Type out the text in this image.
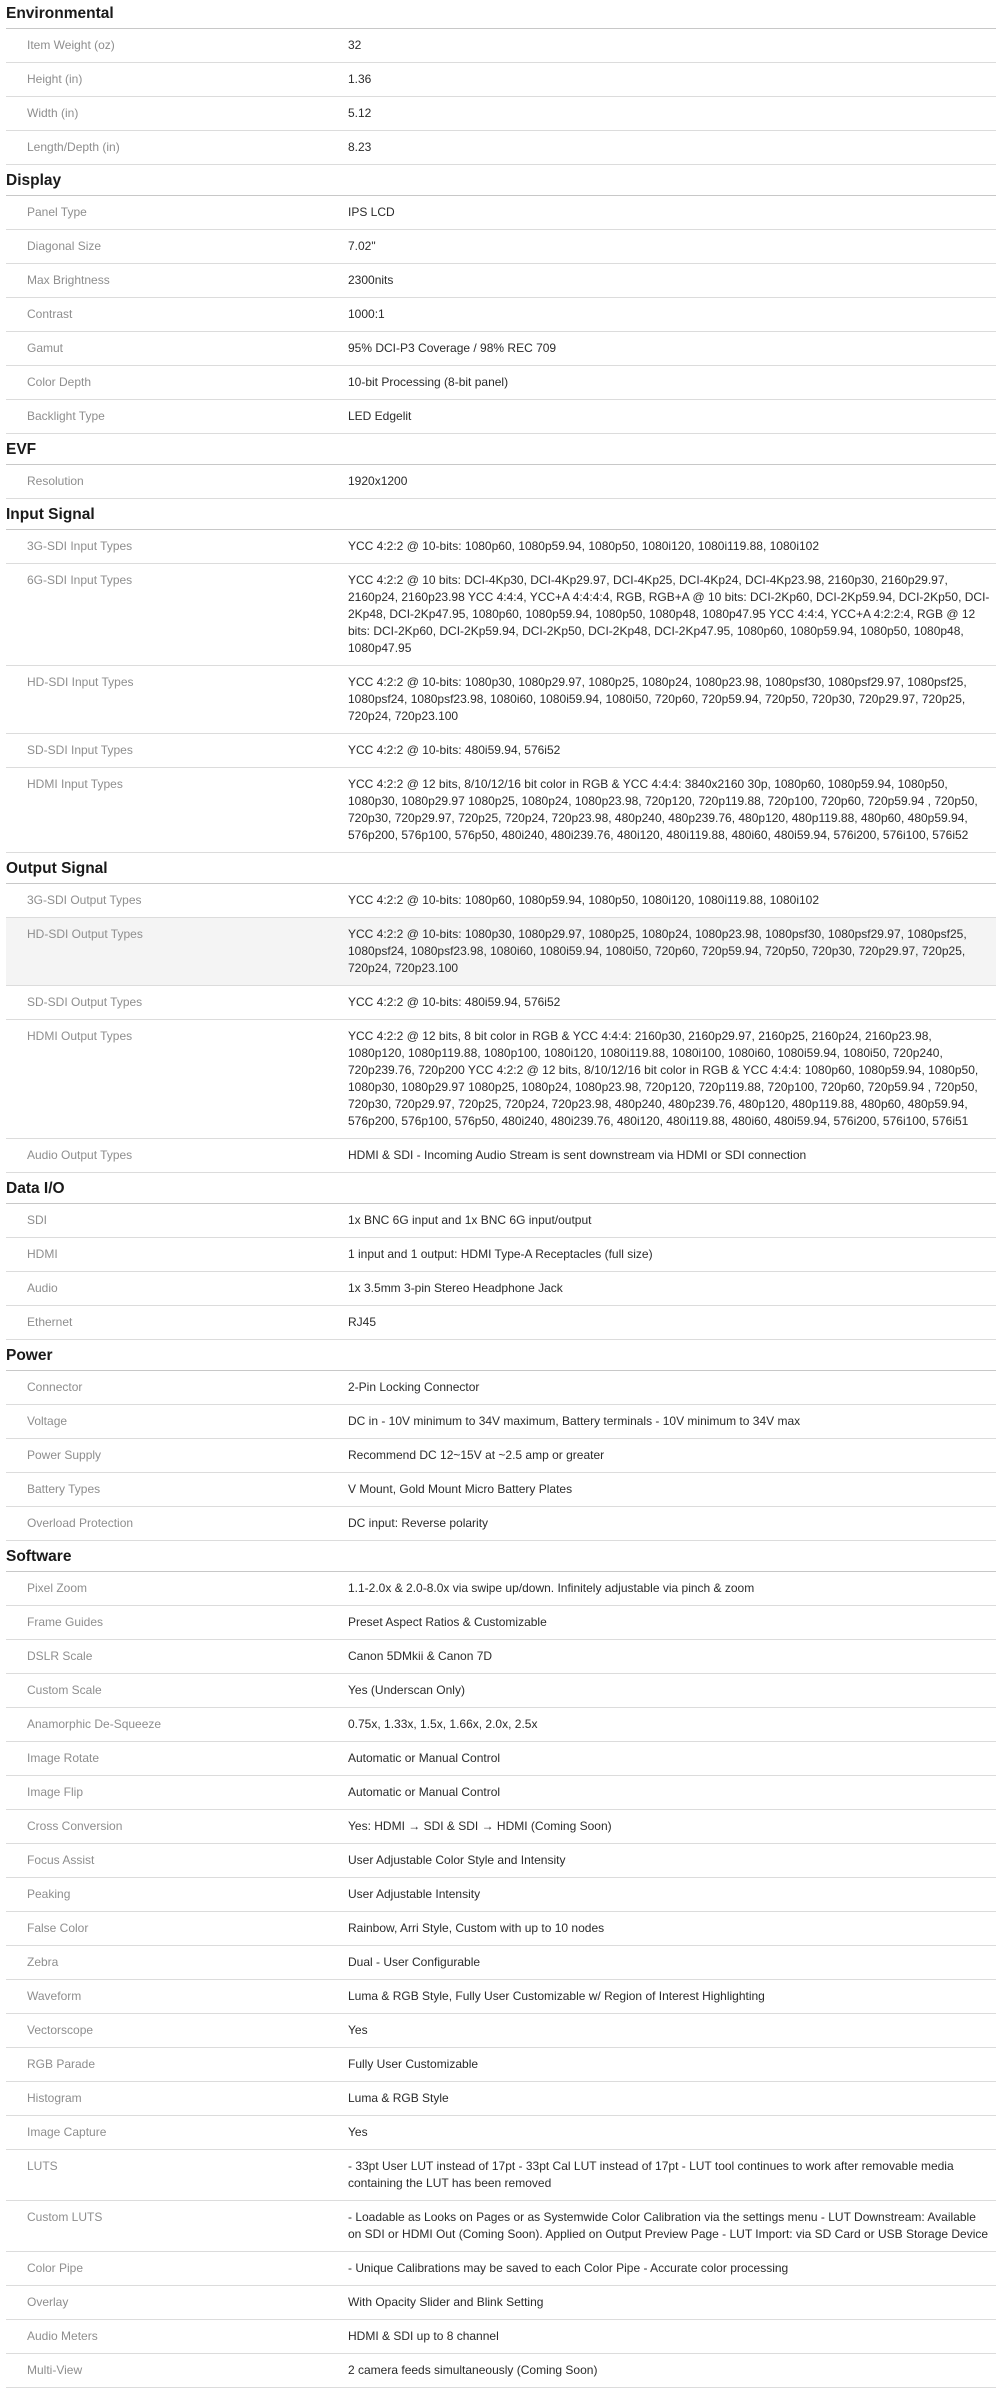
Environmental
Item Weight (oz)	32
Height (in)	1.36
Width (in)	5.12
Length/Depth (in)	8.23
Display
Panel Type	IPS LCD
Diagonal Size	7.02"
Max Brightness	2300nits
Contrast	1000:1
Gamut	95% DCI-P3 Coverage / 98% REC 709
Color Depth	10-bit Processing (8-bit panel)
Backlight Type	LED Edgelit
EVF
Resolution	1920x1200
Input Signal
3G-SDI Input Types	YCC 4:2:2 @ 10-bits: 1080p60, 1080p59.94, 1080p50, 1080i120, 1080i119.88, 1080i102
6G-SDI Input Types	YCC 4:2:2 @ 10 bits: DCI-4Kp30, DCI-4Kp29.97, DCI-4Kp25, DCI-4Kp24, DCI-4Kp23.98, 2160p30, 2160p29.97, 2160p24, 2160p23.98 YCC 4:4:4, YCC+A 4:4:4:4, RGB, RGB+A @ 10 bits: DCI-2Kp60, DCI-2Kp59.94, DCI-2Kp50, DCI-2Kp48, DCI-2Kp47.95, 1080p60, 1080p59.94, 1080p50, 1080p48, 1080p47.95 YCC 4:4:4, YCC+A 4:2:2:4, RGB @ 12 bits: DCI-2Kp60, DCI-2Kp59.94, DCI-2Kp50, DCI-2Kp48, DCI-2Kp47.95, 1080p60, 1080p59.94, 1080p50, 1080p48, 1080p47.95
HD-SDI Input Types	YCC 4:2:2 @ 10-bits: 1080p30, 1080p29.97, 1080p25, 1080p24, 1080p23.98, 1080psf30, 1080psf29.97, 1080psf25, 1080psf24, 1080psf23.98, 1080i60, 1080i59.94, 1080i50, 720p60, 720p59.94, 720p50, 720p30, 720p29.97, 720p25, 720p24, 720p23.100
SD-SDI Input Types	YCC 4:2:2 @ 10-bits: 480i59.94, 576i52
HDMI Input Types	YCC 4:2:2 @ 12 bits, 8/10/12/16 bit color in RGB & YCC 4:4:4: 3840x2160 30p, 1080p60, 1080p59.94, 1080p50, 1080p30, 1080p29.97 1080p25, 1080p24, 1080p23.98, 720p120, 720p119.88, 720p100, 720p60, 720p59.94 , 720p50, 720p30, 720p29.97, 720p25, 720p24, 720p23.98, 480p240, 480p239.76, 480p120, 480p119.88, 480p60, 480p59.94, 576p200, 576p100, 576p50, 480i240, 480i239.76, 480i120, 480i119.88, 480i60, 480i59.94, 576i200, 576i100, 576i52
Output Signal
3G-SDI Output Types	YCC 4:2:2 @ 10-bits: 1080p60, 1080p59.94, 1080p50, 1080i120, 1080i119.88, 1080i102
HD-SDI Output Types	YCC 4:2:2 @ 10-bits: 1080p30, 1080p29.97, 1080p25, 1080p24, 1080p23.98, 1080psf30, 1080psf29.97, 1080psf25, 1080psf24, 1080psf23.98, 1080i60, 1080i59.94, 1080i50, 720p60, 720p59.94, 720p50, 720p30, 720p29.97, 720p25, 720p24, 720p23.100
SD-SDI Output Types	YCC 4:2:2 @ 10-bits: 480i59.94, 576i52
HDMI Output Types	YCC 4:2:2 @ 12 bits, 8 bit color in RGB & YCC 4:4:4: 2160p30, 2160p29.97, 2160p25, 2160p24, 2160p23.98, 1080p120, 1080p119.88, 1080p100, 1080i120, 1080i119.88, 1080i100, 1080i60, 1080i59.94, 1080i50, 720p240, 720p239.76, 720p200 YCC 4:2:2 @ 12 bits, 8/10/12/16 bit color in RGB & YCC 4:4:4: 1080p60, 1080p59.94, 1080p50, 1080p30, 1080p29.97 1080p25, 1080p24, 1080p23.98, 720p120, 720p119.88, 720p100, 720p60, 720p59.94 , 720p50, 720p30, 720p29.97, 720p25, 720p24, 720p23.98, 480p240, 480p239.76, 480p120, 480p119.88, 480p60, 480p59.94, 576p200, 576p100, 576p50, 480i240, 480i239.76, 480i120, 480i119.88, 480i60, 480i59.94, 576i200, 576i100, 576i51
Audio Output Types	HDMI & SDI - Incoming Audio Stream is sent downstream via HDMI or SDI connection
Data I/O
SDI	1x BNC 6G input and 1x BNC 6G input/output
HDMI	1 input and 1 output: HDMI Type-A Receptacles (full size)
Audio	1x 3.5mm 3-pin Stereo Headphone Jack
Ethernet	RJ45
Power
Connector	2-Pin Locking Connector
Voltage	DC in - 10V minimum to 34V maximum, Battery terminals - 10V minimum to 34V max
Power Supply	Recommend DC 12~15V at ~2.5 amp or greater
Battery Types	V Mount, Gold Mount Micro Battery Plates
Overload Protection	DC input: Reverse polarity
Software
Pixel Zoom	1.1-2.0x & 2.0-8.0x via swipe up/down. Infinitely adjustable via pinch & zoom
Frame Guides	Preset Aspect Ratios & Customizable
DSLR Scale	Canon 5DMkii & Canon 7D
Custom Scale	Yes (Underscan Only)
Anamorphic De-Squeeze	0.75x, 1.33x, 1.5x, 1.66x, 2.0x, 2.5x
Image Rotate	Automatic or Manual Control
Image Flip	Automatic or Manual Control
Cross Conversion	Yes: HDMI → SDI & SDI → HDMI (Coming Soon)
Focus Assist	User Adjustable Color Style and Intensity
Peaking	User Adjustable Intensity
False Color	Rainbow, Arri Style, Custom with up to 10 nodes
Zebra	Dual - User Configurable
Waveform	Luma & RGB Style, Fully User Customizable w/ Region of Interest Highlighting
Vectorscope	Yes
RGB Parade	Fully User Customizable
Histogram	Luma & RGB Style
Image Capture	Yes
LUTS	- 33pt User LUT instead of 17pt - 33pt Cal LUT instead of 17pt - LUT tool continues to work after removable media containing the LUT has been removed
Custom LUTS	- Loadable as Looks on Pages or as Systemwide Color Calibration via the settings menu - LUT Downstream: Available on SDI or HDMI Out (Coming Soon). Applied on Output Preview Page - LUT Import: via SD Card or USB Storage Device
Color Pipe	- Unique Calibrations may be saved to each Color Pipe - Accurate color processing
Overlay	With Opacity Slider and Blink Setting
Audio Meters	HDMI & SDI up to 8 channel
Multi-View	2 camera feeds simultaneously (Coming Soon)
